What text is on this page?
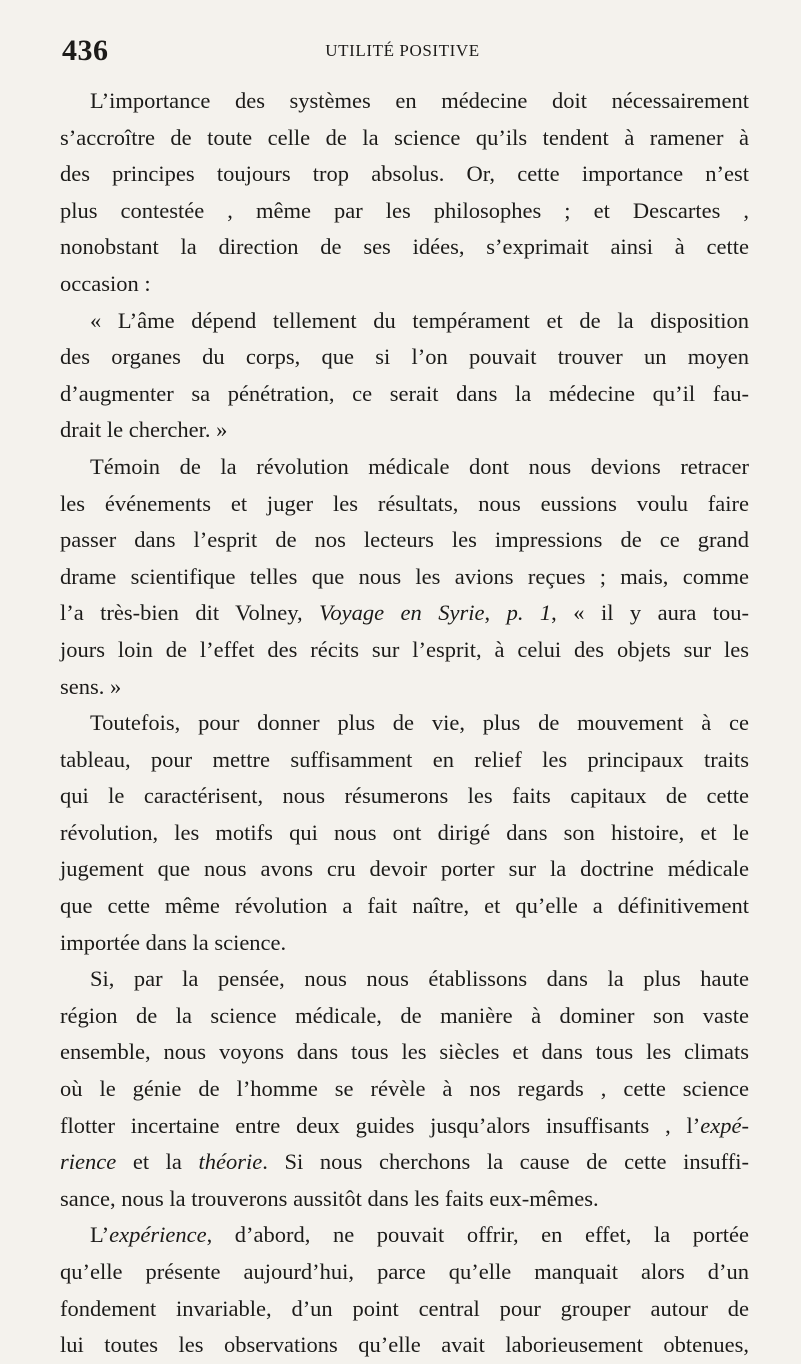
436	UTILITÉ POSITIVE
L’importance des systèmes en médecine doit nécessairement
s’accroître de toute celle de la science qu’ils tendent à ramener à
des principes toujours trop absolus. Or, cette importance n’est
plus contestée , même par les philosophes ; et Descartes ,
nonobstant la direction de ses idées, s’exprimait ainsi à cette
occasion :
« L’âme dépend tellement du tempérament et de la disposition
des organes du corps, que si l’on pouvait trouver un moyen
d’augmenter sa pénétration, ce serait dans la médecine qu’il fau-
drait le chercher. »
Témoin de la révolution médicale dont nous devions retracer
les événements et juger les résultats, nous eussions voulu faire
passer dans l’esprit de nos lecteurs les impressions de ce grand
drame scientifique telles que nous les avions reçues ; mais, comme
l’a très-bien dit Volney, Voyage en Syrie, p. 1, « il y aura tou-
jours loin de l’effet des récits sur l’esprit, à celui des objets sur les
sens. »
Toutefois, pour donner plus de vie, plus de mouvement à ce
tableau, pour mettre suffisamment en relief les principaux traits
qui le caractérisent, nous résumerons les faits capitaux de cette
révolution, les motifs qui nous ont dirigé dans son histoire, et le
jugement que nous avons cru devoir porter sur la doctrine médicale
que cette même révolution a fait naître, et qu’elle a définitivement
importée dans la science.
Si, par la pensée, nous nous établissons dans la plus haute
région de la science médicale, de manière à dominer son vaste
ensemble, nous voyons dans tous les siècles et dans tous les climats
où le génie de l’homme se révèle à nos regards , cette science
flotter incertaine entre deux guides jusqu’alors insuffisants , l’expé-
rience et la théorie. Si nous cherchons la cause de cette insuffi-
sance, nous la trouverons aussitôt dans les faits eux-mêmes.
L’expérience, d’abord, ne pouvait offrir, en effet, la portée
qu’elle présente aujourd’hui, parce qu’elle manquait alors d’un
fondement invariable, d’un point central pour grouper autour de
lui toutes les observations qu’elle avait laborieusement obtenues,
